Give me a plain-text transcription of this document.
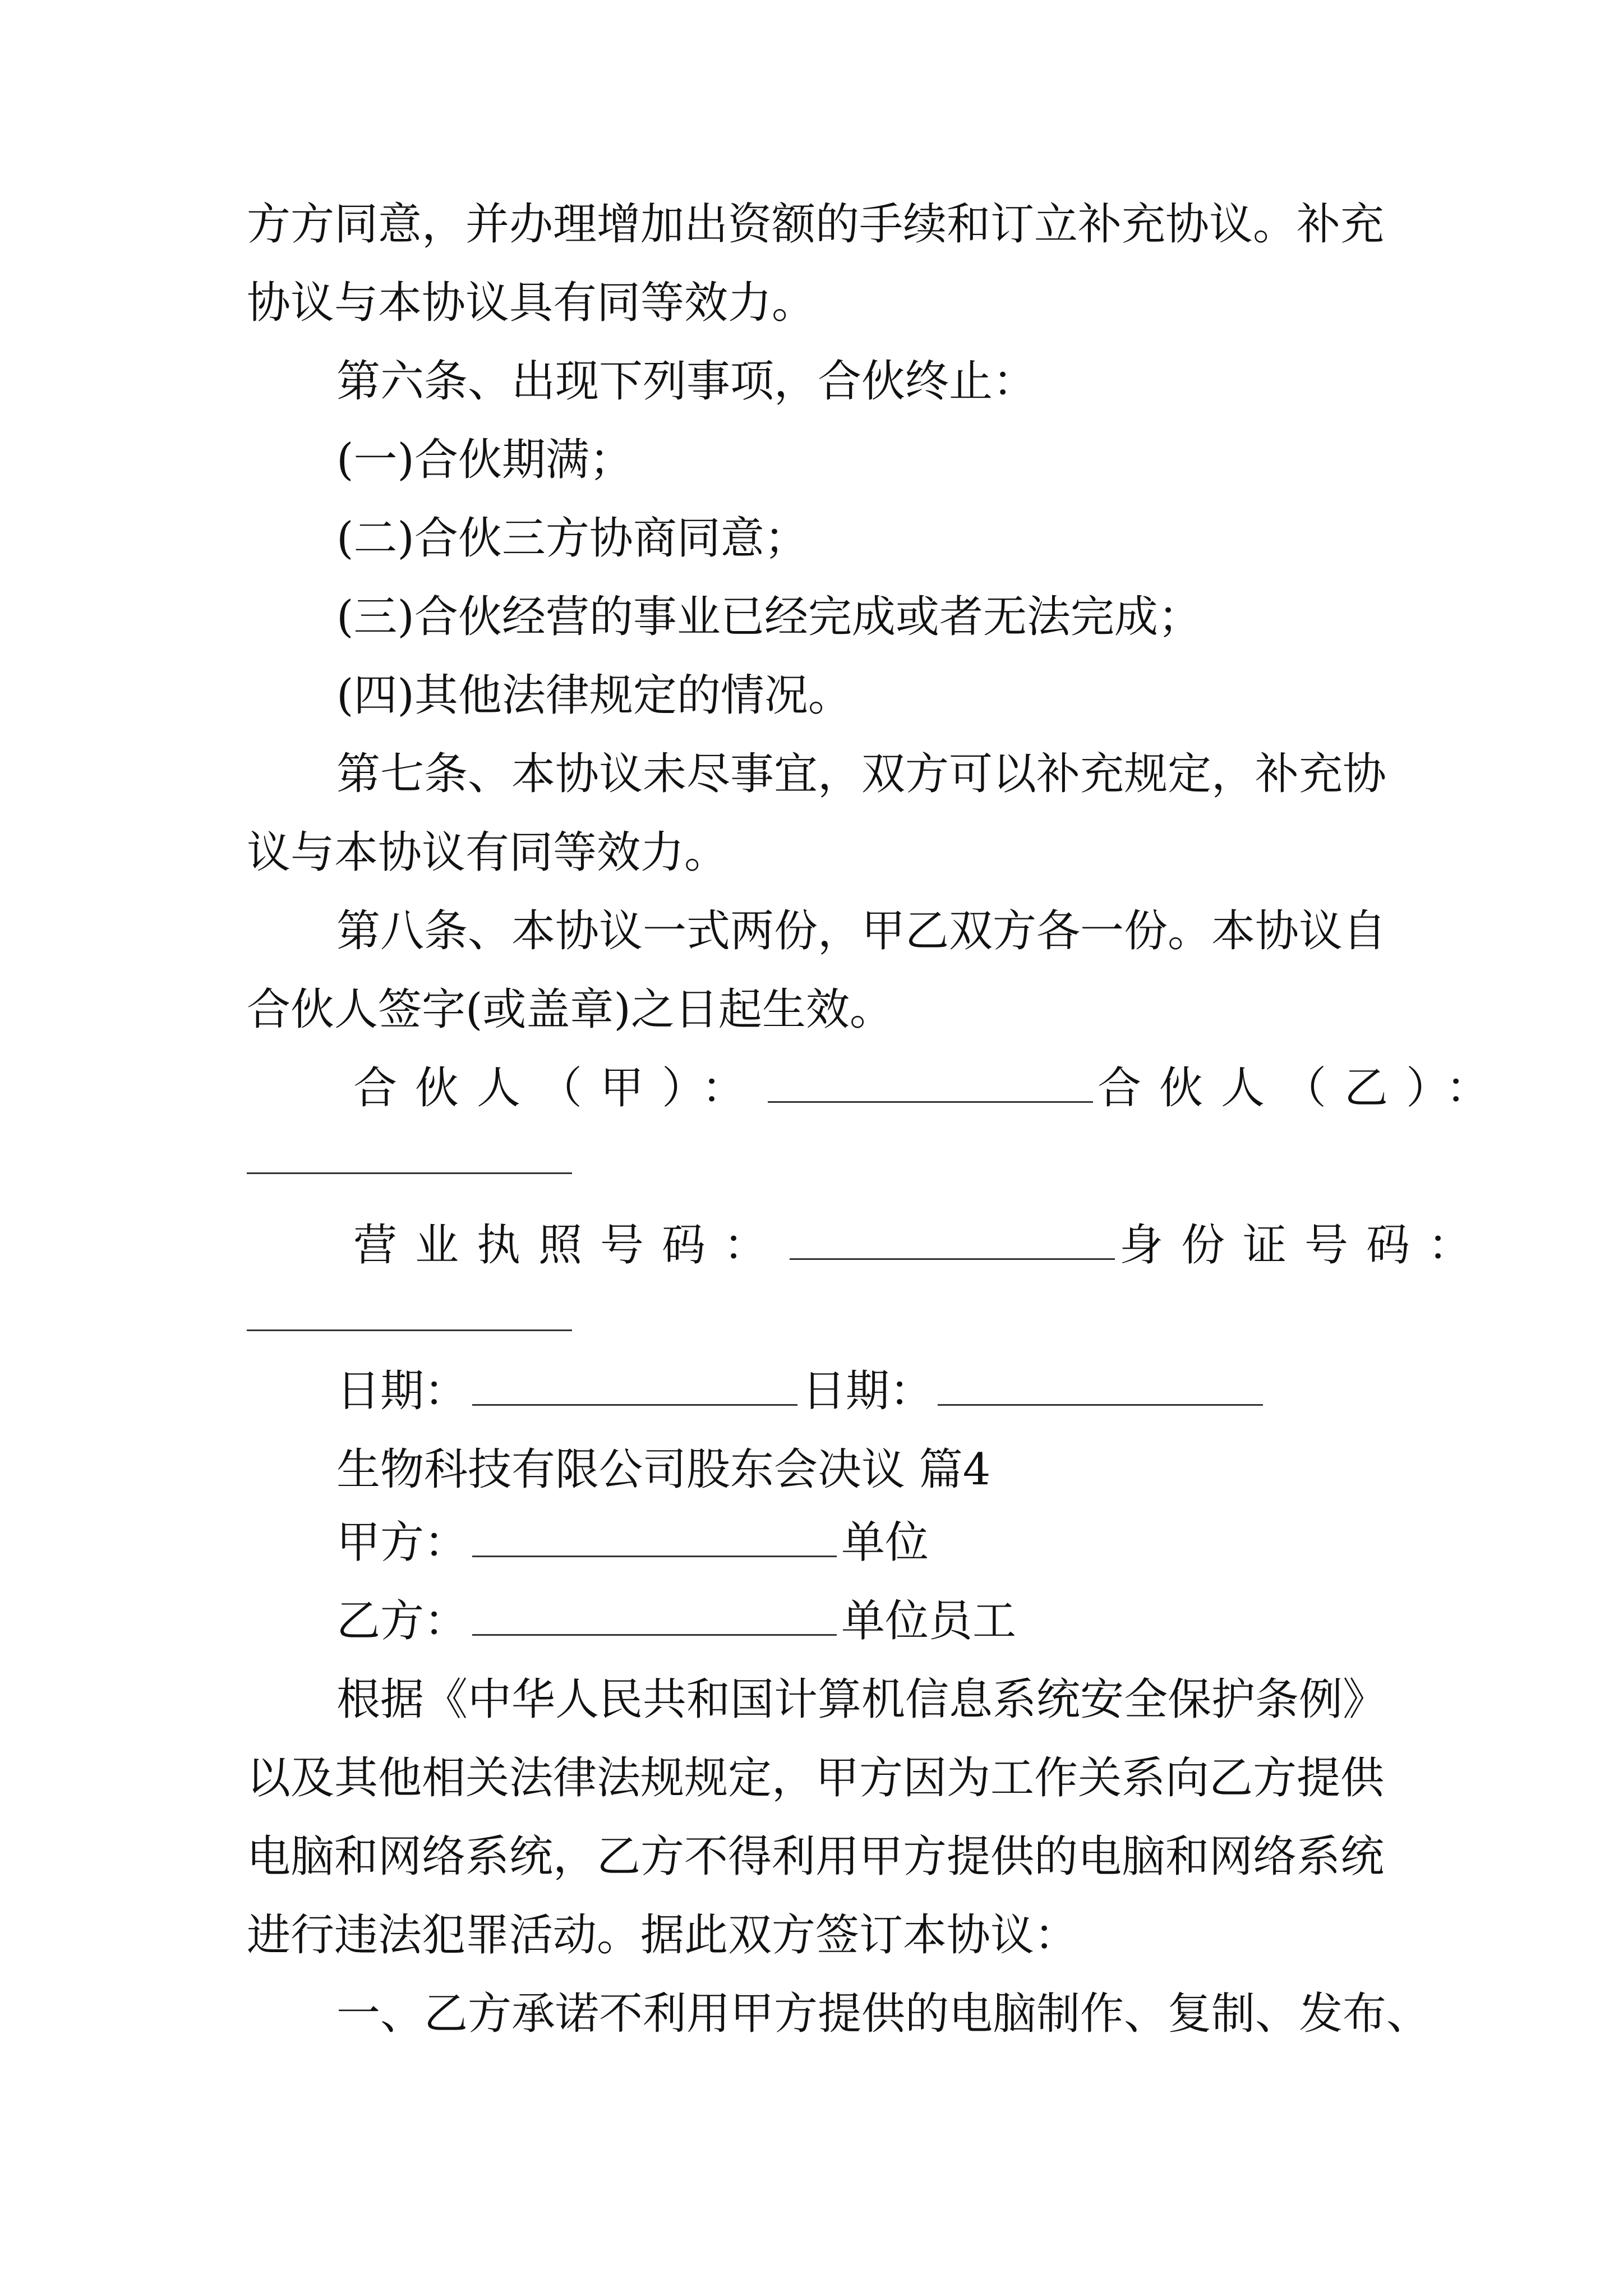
方方同意，并办理增加出资额的手续和订立补充协议。补充
协议与本协议具有同等效力。
第六条、出现下列事项，合伙终止：
(一)合伙期满；
(二)合伙三方协商同意；
(三)合伙经营的事业已经完成或者无法完成；
(四)其他法律规定的情况。
第七条、本协议未尽事宜，双方可以补充规定，补充协
议与本协议有同等效力。
第八条、本协议一式两份，甲乙双方各一份。本协议自
合伙人签字(或盖章)之日起生效。
合伙人（甲）：	合伙人（乙）：
营业执照号码：	身份证号码：
日期：	日期：
生物科技有限公司股东会决议 篇4
甲方：	单位
乙方：	单位员工
根据《中华人民共和国计算机信息系统安全保护条例》
以及其他相关法律法规规定，甲方因为工作关系向乙方提供
电脑和网络系统，乙方不得利用甲方提供的电脑和网络系统
进行违法犯罪活动。据此双方签订本协议：
一、乙方承诺不利用甲方提供的电脑制作、复制、发布、
